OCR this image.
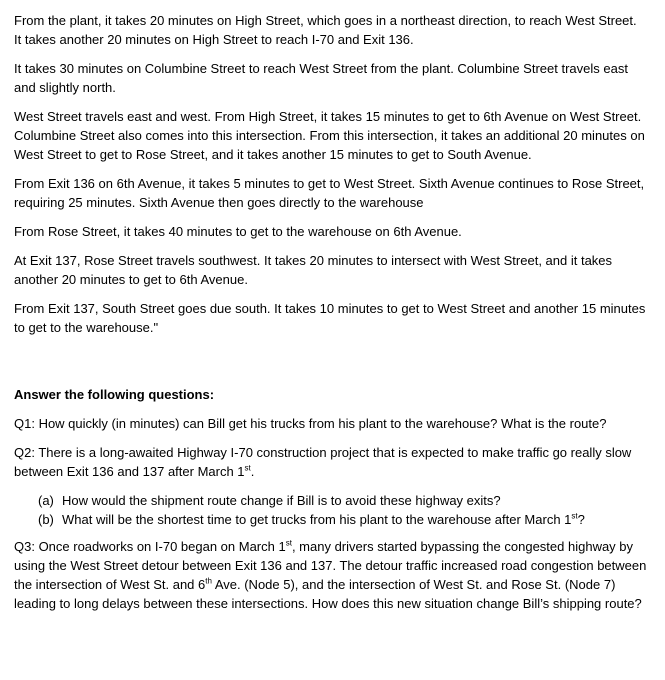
From the plant, it takes 20 minutes on High Street, which goes in a northeast direction, to reach West Street. It takes another 20 minutes on High Street to reach I-70 and Exit 136.

It takes 30 minutes on Columbine Street to reach West Street from the plant. Columbine Street travels east and slightly north.

West Street travels east and west. From High Street, it takes 15 minutes to get to 6th Avenue on West Street. Columbine Street also comes into this intersection. From this intersection, it takes an additional 20 minutes on West Street to get to Rose Street, and it takes another 15 minutes to get to South Avenue.

From Exit 136 on 6th Avenue, it takes 5 minutes to get to West Street. Sixth Avenue continues to Rose Street, requiring 25 minutes. Sixth Avenue then goes directly to the warehouse

From Rose Street, it takes 40 minutes to get to the warehouse on 6th Avenue.

At Exit 137, Rose Street travels southwest. It takes 20 minutes to intersect with West Street, and it takes another 20 minutes to get to 6th Avenue.

From Exit 137, South Street goes due south. It takes 10 minutes to get to West Street and another 15 minutes to get to the warehouse."

Answer the following questions:

Q1: How quickly (in minutes) can Bill get his trucks from his plant to the warehouse? What is the route?

Q2: There is a long-awaited Highway I-70 construction project that is expected to make traffic go really slow between Exit 136 and 137 after March 1st.

(a) How would the shipment route change if Bill is to avoid these highway exits?
(b) What will be the shortest time to get trucks from his plant to the warehouse after March 1st?

Q3: Once roadworks on I-70 began on March 1st, many drivers started bypassing the congested highway by using the West Street detour between Exit 136 and 137. The detour traffic increased road congestion between the intersection of West St. and 6th Ave. (Node 5), and the intersection of West St. and Rose St. (Node 7) leading to long delays between these intersections. How does this new situation change Bill’s shipping route?
